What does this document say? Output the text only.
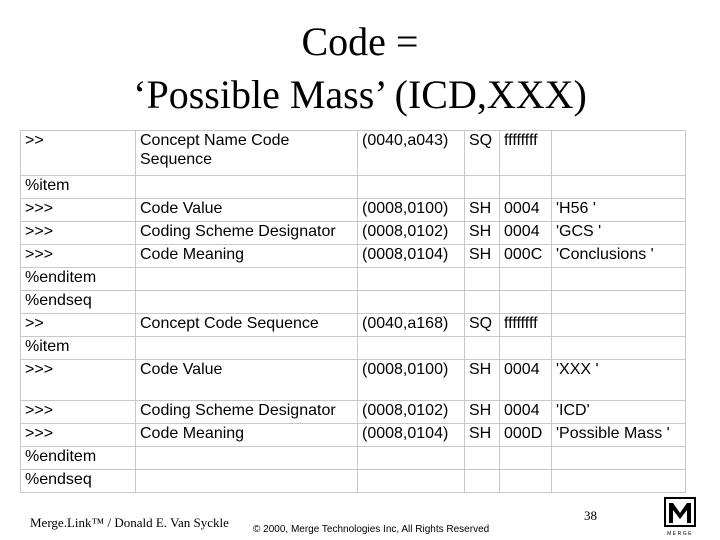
Code =
‘Possible Mass’ (ICD,XXX)
>>	Concept Name Code Sequence	(0040,a043)	SQ	ffffffff	
%item					
>>>	Code Value	(0008,0100)	SH	0004	'H56 '
>>>	Coding Scheme Designator	(0008,0102)	SH	0004	'GCS '
>>>	Code Meaning	(0008,0104)	SH	000C	'Conclusions '
%enditem					
%endseq					
>>	Concept Code Sequence	(0040,a168)	SQ	ffffffff	
%item					
>>>	Code Value	(0008,0100)	SH	0004	'XXX '
>>>	Coding Scheme Designator	(0008,0102)	SH	0004	'ICD'
>>>	Code Meaning	(0008,0104)	SH	000D	'Possible Mass '
%enditem					
%endseq					
Merge.Link™ / Donald E. Van Syckle © 2000, Merge Technologies Inc, All Rights Reserved
38
MERGE
